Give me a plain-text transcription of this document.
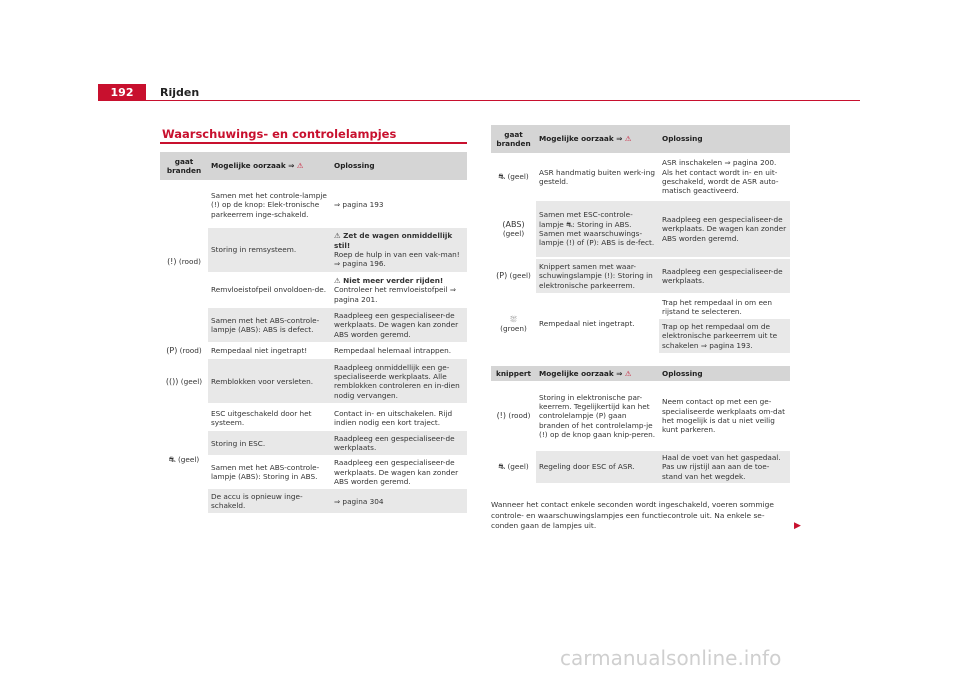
192	Rijden
Waarschuwings- en controlelampjes
gaat branden	Mogelijke oorzaak ⇒ ⚠	Oplossing
(!) (rood)	Samen met het controle-lampje (!) op de knop: Elek-tronische parkeerrem inge-schakeld.	⇒ pagina 193
	Storing in remsysteem.	⚠ Zet de wagen onmiddellijk stil!
Roep de hulp in van een vak-man! ⇒ pagina 196.

	Remvloeistofpeil onvoldoen-de.	⚠ Niet meer verder rijden!
Controleer het remvloeistofpeil ⇒ pagina 201.

	Samen met het ABS-controle-lampje (ABS): ABS is defect.	Raadpleeg een gespecialiseer-de werkplaats. De wagen kan zonder ABS worden geremd.
(P) (rood)	Rempedaal niet ingetrapt!	Rempedaal helemaal intrappen.
(()) (geel)	Remblokken voor versleten.	Raadpleeg onmiddellijk een ge-specialiseerde werkplaats. Alle remblokken controleren en in-dien nodig vervangen.
⛐ (geel)	ESC uitgeschakeld door het systeem.	Contact in- en uitschakelen. Rijd indien nodig een kort traject.
	Storing in ESC.	Raadpleeg een gespecialiseer-de werkplaats.
	Samen met het ABS-controle-lampje (ABS): Storing in ABS.	Raadpleeg een gespecialiseer-de werkplaats. De wagen kan zonder ABS worden geremd.
	De accu is opnieuw inge-schakeld.	⇒ pagina 304
gaat branden	Mogelijke oorzaak ⇒ ⚠	Oplossing
⛐ (geel)	ASR handmatig buiten werk-ing gesteld.	ASR inschakelen ⇒ pagina 200. Als het contact wordt in- en uit-geschakeld, wordt de ASR auto-matisch geactiveerd.
(ABS) (geel)	Samen met ESC-controle-lampje ⛐: Storing in ABS. Samen met waarschuwings-lampje (!) of (P): ABS is de-fect.	Raadpleeg een gespecialiseer-de werkplaats. De wagen kan zonder ABS worden geremd.
(P) (geel)	Knippert samen met waar-schuwingslampje (!): Storing in elektronische parkeerrem.	Raadpleeg een gespecialiseer-de werkplaats.

⛆
(groen)	Rempedaal niet ingetrapt.	Trap het rempedaal in om een rijstand te selecteren.
		Trap op het rempedaal om de elektronische parkeerrem uit te schakelen ⇒ pagina 193.
knippert	Mogelijke oorzaak ⇒ ⚠	Oplossing
(!) (rood)	Storing in elektronische par-keerrem. Tegelijkertijd kan het controlelampje (P) gaan branden of het controlelamp-je (!) op de knop gaan knip-peren.	Neem contact op met een ge-specialiseerde werkplaats om-dat het mogelijk is dat u niet veilig kunt parkeren.
⛐ (geel)	Regeling door ESC of ASR.	Haal de voet van het gaspedaal. Pas uw rijstijl aan aan de toe-stand van het wegdek.
Wanneer het contact enkele seconden wordt ingeschakeld, voeren sommige controle- en waarschuwingslampjes een functiecontrole uit. Na enkele se-conden gaan de lampjes uit.	▶
carmanualsonline.info
